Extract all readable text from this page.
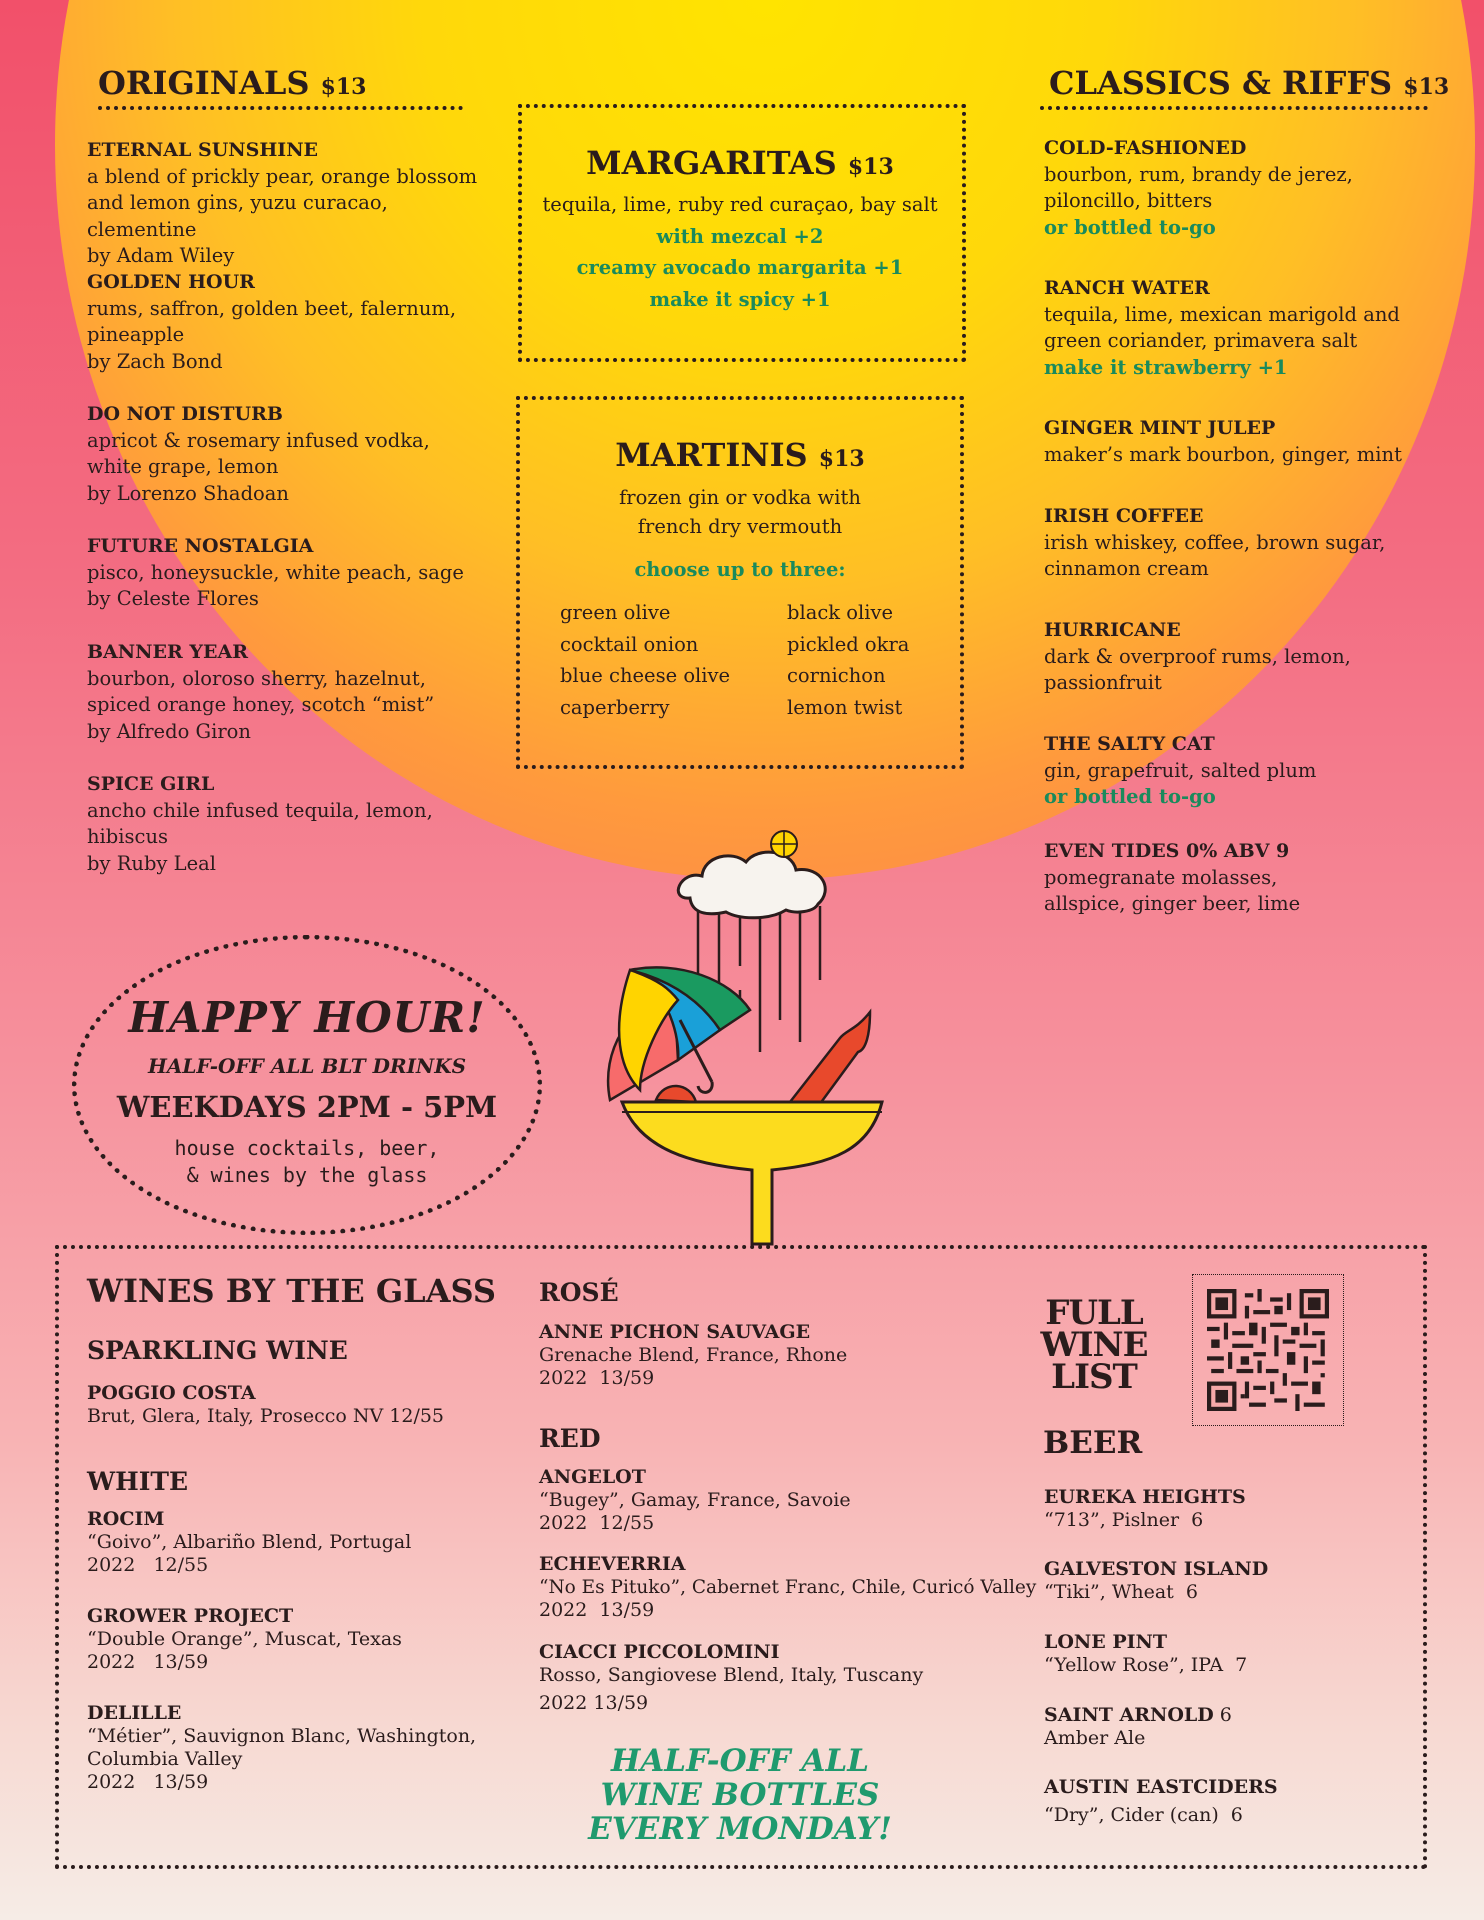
ORIGINALS $13
ETERNAL SUNSHINE
a blend of prickly pear, orange blossom and lemon gins, yuzu curacao, clementine
by Adam Wiley
GOLDEN HOUR
rums, saffron, golden beet, falernum, pineapple
by Zach Bond
DO NOT DISTURB
apricot & rosemary infused vodka, white grape, lemon
by Lorenzo Shadoan
FUTURE NOSTALGIA
pisco, honeysuckle, white peach, sage
by Celeste Flores
BANNER YEAR
bourbon, oloroso sherry, hazelnut, spiced orange honey, scotch “mist”
by Alfredo Giron
SPICE GIRL
ancho chile infused tequila, lemon, hibiscus
by Ruby Leal
MARGARITAS $13
tequila, lime, ruby red curaçao, bay salt
with mezcal +2
creamy avocado margarita +1
make it spicy +1
MARTINIS $13
frozen gin or vodka with
french dry vermouth
choose up to three:
green olive
cocktail onion
blue cheese olive
caperberry
black olive
pickled okra
cornichon
lemon twist
CLASSICS & RIFFS $13
COLD-FASHIONED
bourbon, rum, brandy de jerez, piloncillo, bitters
or bottled to-go
RANCH WATER
tequila, lime, mexican marigold and green coriander, primavera salt
make it strawberry +1
GINGER MINT JULEP
maker’s mark bourbon, ginger, mint
IRISH COFFEE
irish whiskey, coffee, brown sugar, cinnamon cream
HURRICANE
dark & overproof rums, lemon, passionfruit
THE SALTY CAT
gin, grapefruit, salted plum
or bottled to-go
EVEN TIDES 0% ABV 9
pomegranate molasses, allspice, ginger beer, lime
HAPPY HOUR!
HALF-OFF ALL BLT DRINKS
WEEKDAYS 2PM - 5PM
house cocktails, beer,
& wines by the glass
WINES BY THE GLASS
SPARKLING WINE
POGGIO COSTA
Brut, Glera, Italy, Prosecco NV 12/55
WHITE
ROCIM
“Goivo”, Albariño Blend, Portugal
2022   12/55
GROWER PROJECT
“Double Orange”, Muscat, Texas
2022   13/59
DELILLE
“Métier”, Sauvignon Blanc, Washington,
Columbia Valley
2022   13/59
ROSÉ
ANNE PICHON SAUVAGE
Grenache Blend, France, Rhone
2022  13/59
RED
ANGELOT
“Bugey”, Gamay, France, Savoie
2022  12/55
ECHEVERRIA
“No Es Pituko”, Cabernet Franc, Chile, Curicó Valley
2022  13/59
CIACCI PICCOLOMINI
Rosso, Sangiovese Blend, Italy, Tuscany
2022 13/59
HALF-OFF ALL
WINE BOTTLES
EVERY MONDAY!
FULL
WINE
LIST
BEER
EUREKA HEIGHTS
“713”, Pislner  6
GALVESTON ISLAND
“Tiki”, Wheat  6
LONE PINT
“Yellow Rose”, IPA  7
SAINT ARNOLD 6
Amber Ale
AUSTIN EASTCIDERS
“Dry”, Cider (can)  6
